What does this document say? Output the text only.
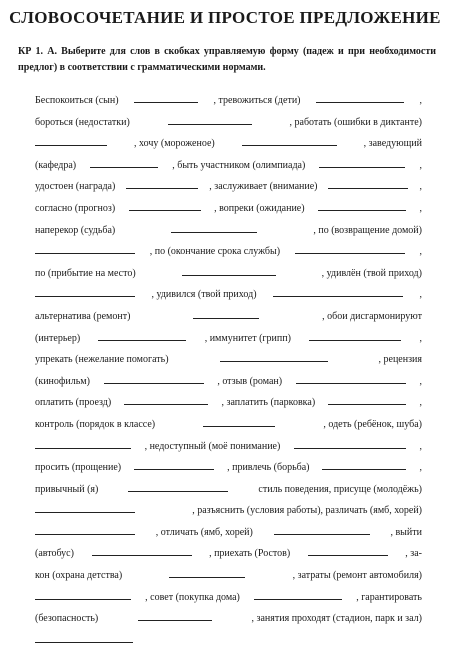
СЛОВОСОЧЕТАНИЕ И ПРОСТОЕ ПРЕДЛОЖЕНИЕ
КР 1. А. Выберите для слов в скобках управляемую форму (падеж и при необходимости предлог) в соответствии с грамматическими нормами.
Беспокоиться (сын)	, тревожиться (дети)	,
бороться (недостатки)	, работать (ошибки в диктанте)
, хочу (мороженое)	, заведующий
(кафедра)	, быть участником (олимпиада)	,
удостоен (награда)	, заслуживает (внимание)	,
согласно (прогноз)	, вопреки (ожидание)	,
наперекор (судьба)	, по (возвращение домой)
, по (окончание срока службы)	,
по (прибытие на место)	, удивлён (твой приход)
, удивился (твой приход)	,
альтернатива (ремонт)	, обои дисгармонируют
(интерьер)	, иммунитет (грипп)	,
упрекать (нежелание помогать)	, рецензия
(кинофильм)	, отзыв (роман)	,
оплатить (проезд)	, заплатить (парковка)	,
контроль (порядок в классе)	, одеть (ребёнок, шуба)
, недоступный (моё понимание)	,
просить (прощение)	, привлечь (борьба)	,
привычный (я)	стиль поведения, присуще (молодёжь)
, разъяснить (условия работы), различать (ямб, хорей)
, отличать (ямб, хорей)	, выйти
(автобус)	, приехать (Ростов)	, за-
кон (охрана детства)	, затраты (ремонт автомобиля)
, совет (покупка дома)	, гарантировать
(безопасность)	, занятия проходят (стадион, парк и зал)
